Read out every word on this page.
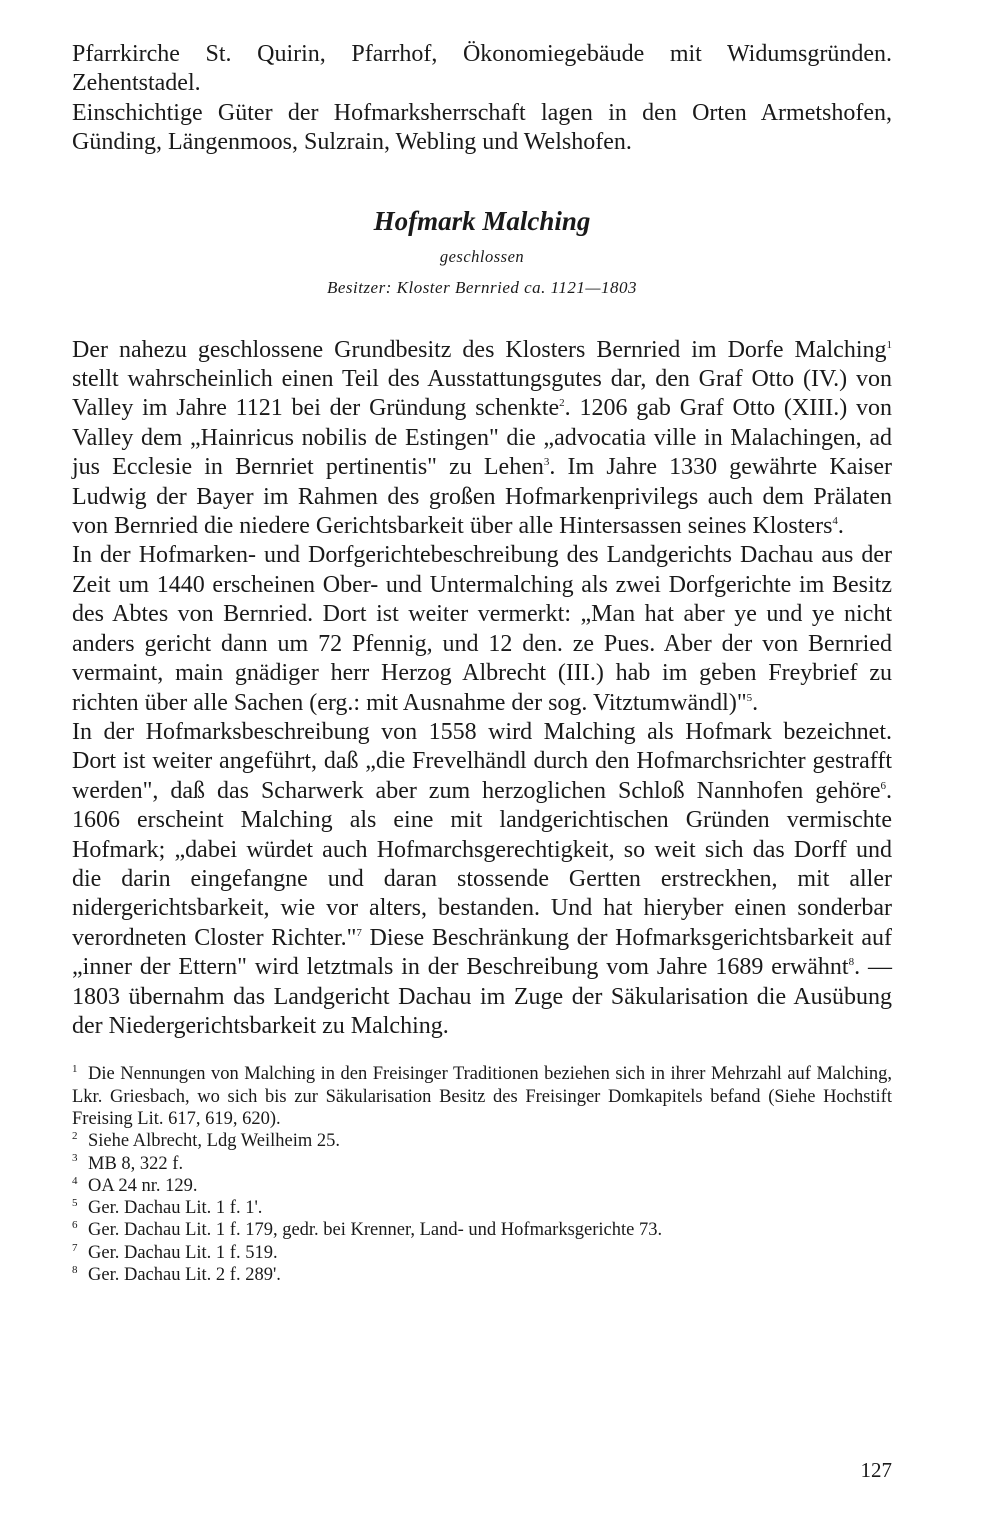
Pfarrkirche St. Quirin, Pfarrhof, Ökonomiegebäude mit Widumsgründen. Zehentstadel.

Einschichtige Güter der Hofmarksherrschaft lagen in den Orten Armetshofen, Günding, Längenmoos, Sulzrain, Webling und Welshofen.

Hofmark Malching
geschlossen
Besitzer: Kloster Bernried ca. 1121—1803

Der nahezu geschlossene Grundbesitz des Klosters Bernried im Dorfe Malching$^1$ stellt wahrscheinlich einen Teil des Ausstattungsgutes dar, den Graf Otto (IV.) von Valley im Jahre 1121 bei der Gründung schenkte$^2$. 1206 gab Graf Otto (XIII.) von Valley dem „Hainricus nobilis de Estingen" die „advocatia ville in Malachingen, ad jus Ecclesie in Bernriet pertinentis" zu Lehen$^3$. Im Jahre 1330 gewährte Kaiser Ludwig der Bayer im Rahmen des großen Hofmarkenprivilegs auch dem Prälaten von Bernried die niedere Gerichtsbarkeit über alle Hintersassen seines Klosters$^4$.

In der Hofmarken- und Dorfgerichtebeschreibung des Landgerichts Dachau aus der Zeit um 1440 erscheinen Ober- und Untermalching als zwei Dorfgerichte im Besitz des Abtes von Bernried. Dort ist weiter vermerkt: „Man hat aber ye und ye nicht anders gericht dann um 72 Pfennig, und 12 den. ze Pues. Aber der von Bernried vermaint, main gnädiger herr Herzog Albrecht (III.) hab im geben Freybrief zu richten über alle Sachen (erg.: mit Ausnahme der sog. Vitztumwändl)"$^5$.

In der Hofmarksbeschreibung von 1558 wird Malching als Hofmark bezeichnet. Dort ist weiter angeführt, daß „die Frevelhändl durch den Hofmarchsrichter gestrafft werden", daß das Scharwerk aber zum herzoglichen Schloß Nannhofen gehöre$^6$. 1606 erscheint Malching als eine mit landgerichtischen Gründen vermischte Hofmark; „dabei würdet auch Hofmarchsgerechtigkeit, so weit sich das Dorff und die darin eingefangne und daran stossende Gertten erstreckhen, mit aller nidergerichtsbarkeit, wie vor alters, bestanden. Und hat hieryber einen sonderbar verordneten Closter Richter."$^7$ Diese Beschränkung der Hofmarksgerichtsbarkeit auf „inner der Ettern" wird letztmals in der Beschreibung vom Jahre 1689 erwähnt$^8$. — 1803 übernahm das Landgericht Dachau im Zuge der Säkularisation die Ausübung der Niedergerichtsbarkeit zu Malching.

1 Die Nennungen von Malching in den Freisinger Traditionen beziehen sich in ihrer Mehrzahl auf Malching, Lkr. Griesbach, wo sich bis zur Säkularisation Besitz des Freisinger Domkapitels befand (Siehe Hochstift Freising Lit. 617, 619, 620).

2 Siehe Albrecht, Ldg Weilheim 25.

3 MB 8, 322 f.

4 OA 24 nr. 129.

5 Ger. Dachau Lit. 1 f. 1'.

6 Ger. Dachau Lit. 1 f. 179, gedr. bei Krenner, Land- und Hofmarksgerichte 73.

7 Ger. Dachau Lit. 1 f. 519.

8 Ger. Dachau Lit. 2 f. 289'.

127
